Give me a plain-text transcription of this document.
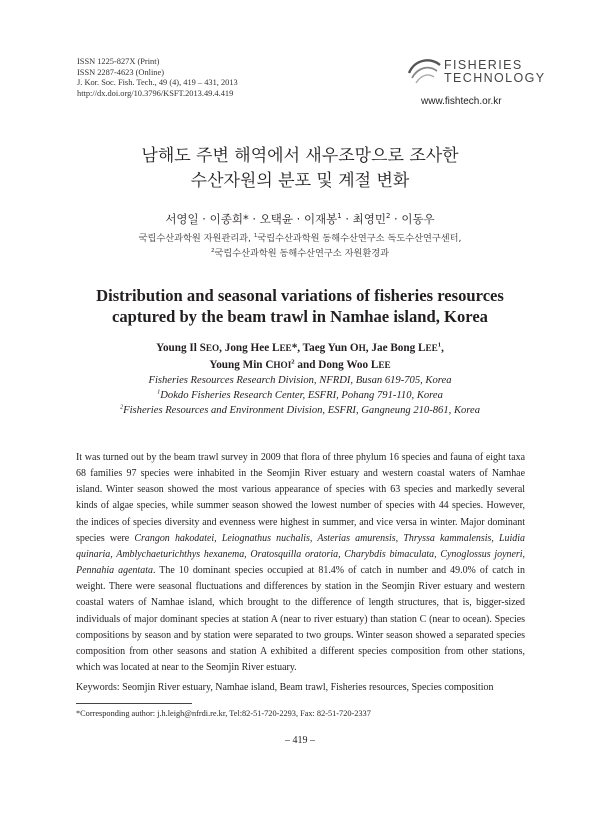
ISSN 1225-827X (Print)
ISSN 2287-4623 (Online)
J. Kor. Soc. Fish. Tech., 49 (4), 419 – 431, 2013
http://dx.doi.org/10.3796/KSFT.2013.49.4.419
FISHERIES
TECHNOLOGY
www.fishtech.or.kr
남해도 주변 해역에서 새우조망으로 조사한
수산자원의 분포 및 계절 변화
서영일 · 이종희* · 오택윤 · 이재봉$^1$ · 최영민$^2$ · 이동우
국립수산과학원 자원관리과, $^1$국립수산과학원 동해수산연구소 독도수산연구센터,
$^2$국립수산과학원 동해수산연구소 자원환경과
Distribution and seasonal variations of fisheries resources
captured by the beam trawl in Namhae island, Korea
Young Il SEO, Jong Hee LEE*, Taeg Yun OH, Jae Bong LEE$^1$,
Young Min CHOI$^2$ and Dong Woo LEE
Fisheries Resources Research Division, NFRDI, Busan 619-705, Korea
$^1$Dokdo Fisheries Research Center, ESFRI, Pohang 791-110, Korea
$^2$Fisheries Resources and Environment Division, ESFRI, Gangneung 210-861, Korea
It was turned out by the beam trawl survey in 2009 that flora of three phylum 16 species and fauna of eight taxa 68 families 97 species were inhabited in the Seomjin River estuary and western coastal waters of Namhae island. Winter season showed the most various appearance of species with 63 species and markedly several kinds of algae species, while summer season showed the lowest number of species with 44 species. However, the indices of species diversity and evenness were highest in summer, and vice versa in winter. Major dominant species were Crangon hakodatei, Leiognathus nuchalis, Asterias amurensis, Thryssa kammalensis, Luidia quinaria, Amblychaeturichthys hexanema, Oratosquilla oratoria, Charybdis bimaculata, Cynoglossus joyneri, Pennahia agentata. The 10 dominant species occupied at 81.4% of catch in number and 49.0% of catch in weight. There were seasonal fluctuations and differences by station in the Seomjin River estuary and western coastal waters of Namhae island, which brought to the difference of length structures, that is, bigger-sized individuals of major dominant species at station A (near to river estuary) than station C (near to ocean). Species compositions by season and by station were separated to two groups. Winter season showed a separated species composition from other seasons and station A exhibited a different species composition from other stations, which was located at near to the Seomjin River estuary.
Keywords: Seomjin River estuary, Namhae island, Beam trawl, Fisheries resources, Species composition
*Corresponding author: j.h.leigh@nfrdi.re.kr, Tel:82-51-720-2293, Fax: 82-51-720-2337
– 419 –
